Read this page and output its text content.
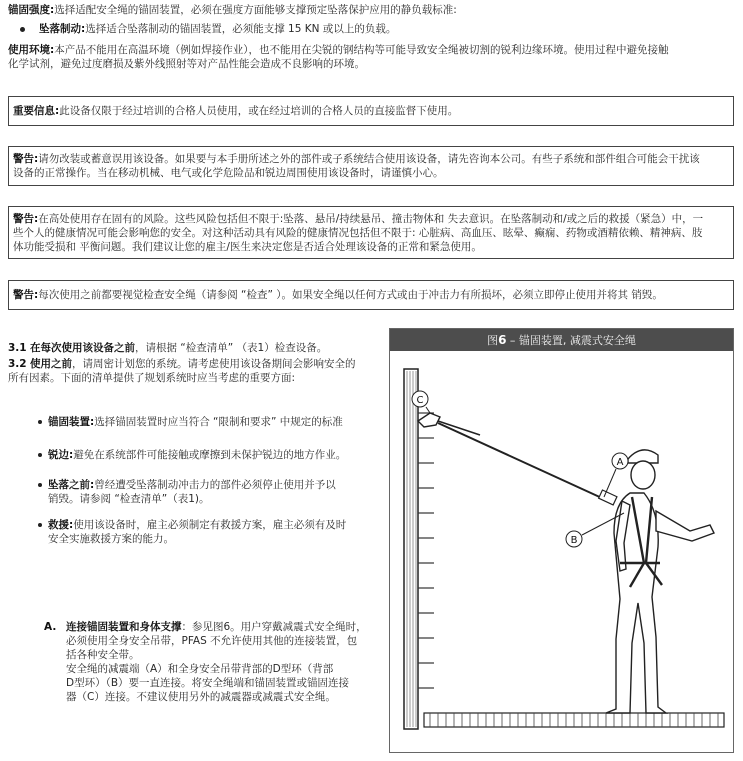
锚固强度:选择适配安全绳的锚固装置，必须在强度方面能够支撑预定坠落保护应用的静负载标准:
坠落制动:选择适合坠落制动的锚固装置，必须能支撑 15 KN 或以上的负载。

使用环境:本产品不能用在高温环境（例如焊接作业），也不能用在尖锐的钢结构等可能导致安全绳被切割的锐利边缘环境。使用过程中避免接触

化学试剂，避免过度磨损及紫外线照射等对产品性能会造成不良影响的环境。

重要信息:此设备仅限于经过培训的合格人员使用，或在经过培训的合格人员的直接监督下使用。

警告:请勿改装或蓄意误用该设备。如果要与本手册所述之外的部件或子系统结合使用该设备，请先咨询本公司。有些子系统和部件组合可能会干扰该

设备的正常操作。当在移动机械、电气或化学危险品和锐边周围使用该设备时，请谨慎小心。

警告:在高处使用存在固有的风险。这些风险包括但不限于:坠落、悬吊/持续悬吊、撞击物体和 失去意识。在坠落制动和/或之后的救援（紧急）中，一

些个人的健康情况可能会影响您的安全。对这种活动具有风险的健康情况包括但不限于: 心脏病、高血压、眩晕、癫痫、药物或酒精依赖、精神病、肢

体功能受损和 平衡问题。我们建议让您的雇主/医生来决定您是否适合处理该设备的正常和紧急使用。

警告:每次使用之前都要视觉检查安全绳（请参阅 “检查” ）。如果安全绳以任何方式或由于冲击力有所损坏，必须立即停止使用并将其 销毁。
3.1 在每次使用该设备之前，请根据 “检查清单” （表1）检查设备。

3.2 使用之前，请周密计划您的系统。请考虑使用该设备期间会影响安全的

所有因素。下面的清单提供了规划系统时应当考虑的重要方面:

锚固装置:选择锚固装置时应当符合 “限制和要求” 中规定的标准

锐边:避免在系统部件可能接触或摩擦到未保护锐边的地方作业。

坠落之前:曾经遭受坠落制动冲击力的部件必须停止使用并予以

销毁。请参阅 “检查清单”（表1)。

救援:使用该设备时，雇主必须制定有救援方案，雇主必须有及时

安全实施救援方案的能力。

A. 连接锚固装置和身体支撑：参见图6。用户穿戴减震式安全绳时，

必须使用全身安全吊带，PFAS 不允许使用其他的连接装置，包

括各种安全带。

安全绳的减震端（A）和全身安全吊带背部的D型环（背部

D型环）（B）要一直连接。将安全绳端和锚固装置或锚固连接

器（C）连接。不建议使用另外的减震器或减震式安全绳。

图6 – 锚固装置, 减震式安全绳
C
A
B
